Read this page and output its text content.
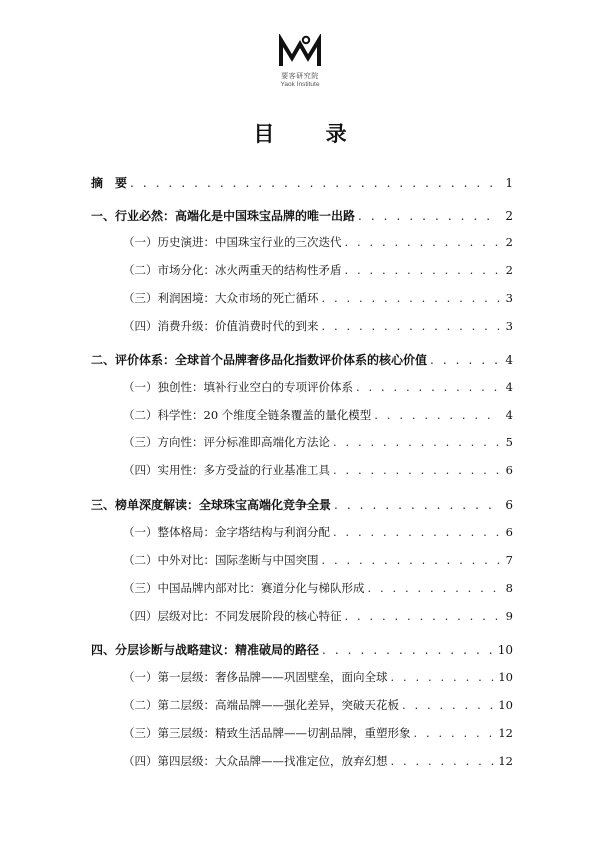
要客研究院
Yaok Institute
目 录
摘　要 . . .	1
一、行业必然：高端化是中国珠宝品牌的唯一出路 . . .	2
（一）历史演进：中国珠宝行业的三次迭代 . . .	2
（二）市场分化：冰火两重天的结构性矛盾 . . .	2
（三）利润困境：大众市场的死亡循环 . . .	3
（四）消费升级：价值消费时代的到来 . . .	3
二、评价体系：全球首个品牌奢侈品化指数评价体系的核心价值 . . .	4
（一）独创性：填补行业空白的专项评价体系 . . .	4
（二）科学性：20 个维度全链条覆盖的量化模型 . . .	4
（三）方向性：评分标准即高端化方法论 . . .	5
（四）实用性：多方受益的行业基准工具 . . .	6
三、榜单深度解读：全球珠宝高端化竞争全景 . . .	6
（一）整体格局：金字塔结构与利润分配 . . .	6
（二）中外对比：国际垄断与中国突围 . . .	7
（三）中国品牌内部对比：赛道分化与梯队形成 . . .	8
（四）层级对比：不同发展阶段的核心特征 . . .	9
四、分层诊断与战略建议：精准破局的路径 . . .	10
（一）第一层级：奢侈品牌——巩固壁垒，面向全球 . . .	10
（二）第二层级：高端品牌——强化差异，突破天花板 . . .	10
（三）第三层级：精致生活品牌——切割品牌，重塑形象 . . .	12
（四）第四层级：大众品牌——找准定位，放弃幻想 . . .	12
